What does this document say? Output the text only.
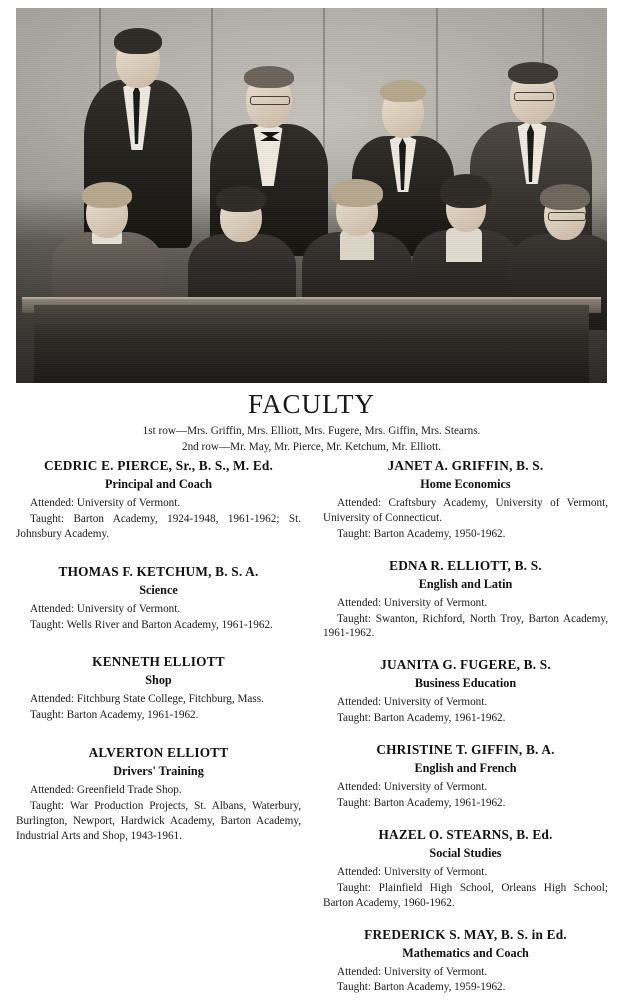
FACULTY
1st row—Mrs. Griffin, Mrs. Elliott, Mrs. Fugere, Mrs. Giffin, Mrs. Stearns.
2nd row—Mr. May, Mr. Pierce, Mr. Ketchum, Mr. Elliott.
CEDRIC E. PIERCE, Sr., B. S., M. Ed.
Principal and Coach

Attended: University of Vermont.

Taught: Barton Academy, 1924-1948, 1961-1962; St. Johnsbury Academy.

THOMAS F. KETCHUM, B. S. A.
Science

Attended: University of Vermont.

Taught: Wells River and Barton Academy, 1961-1962.

KENNETH ELLIOTT
Shop

Attended: Fitchburg State College, Fitchburg, Mass.

Taught: Barton Academy, 1961-1962.

ALVERTON ELLIOTT
Drivers' Training

Attended: Greenfield Trade Shop.

Taught: War Production Projects, St. Albans, Waterbury, Burlington, Newport, Hardwick Academy, Barton Academy, Industrial Arts and Shop, 1943-1961.

JANET A. GRIFFIN, B. S.
Home Economics

Attended: Craftsbury Academy, University of Vermont, University of Connecticut.

Taught: Barton Academy, 1950-1962.

EDNA R. ELLIOTT, B. S.
English and Latin

Attended: University of Vermont.

Taught: Swanton, Richford, North Troy, Barton Academy, 1961-1962.

JUANITA G. FUGERE, B. S.
Business Education

Attended: University of Vermont.

Taught: Barton Academy, 1961-1962.

CHRISTINE T. GIFFIN, B. A.
English and French

Attended: University of Vermont.

Taught: Barton Academy, 1961-1962.

HAZEL O. STEARNS, B. Ed.
Social Studies

Attended: University of Vermont.

Taught: Plainfield High School, Orleans High School; Barton Academy, 1960-1962.

FREDERICK S. MAY, B. S. in Ed.
Mathematics and Coach

Attended: University of Vermont.

Taught: Barton Academy, 1959-1962.
